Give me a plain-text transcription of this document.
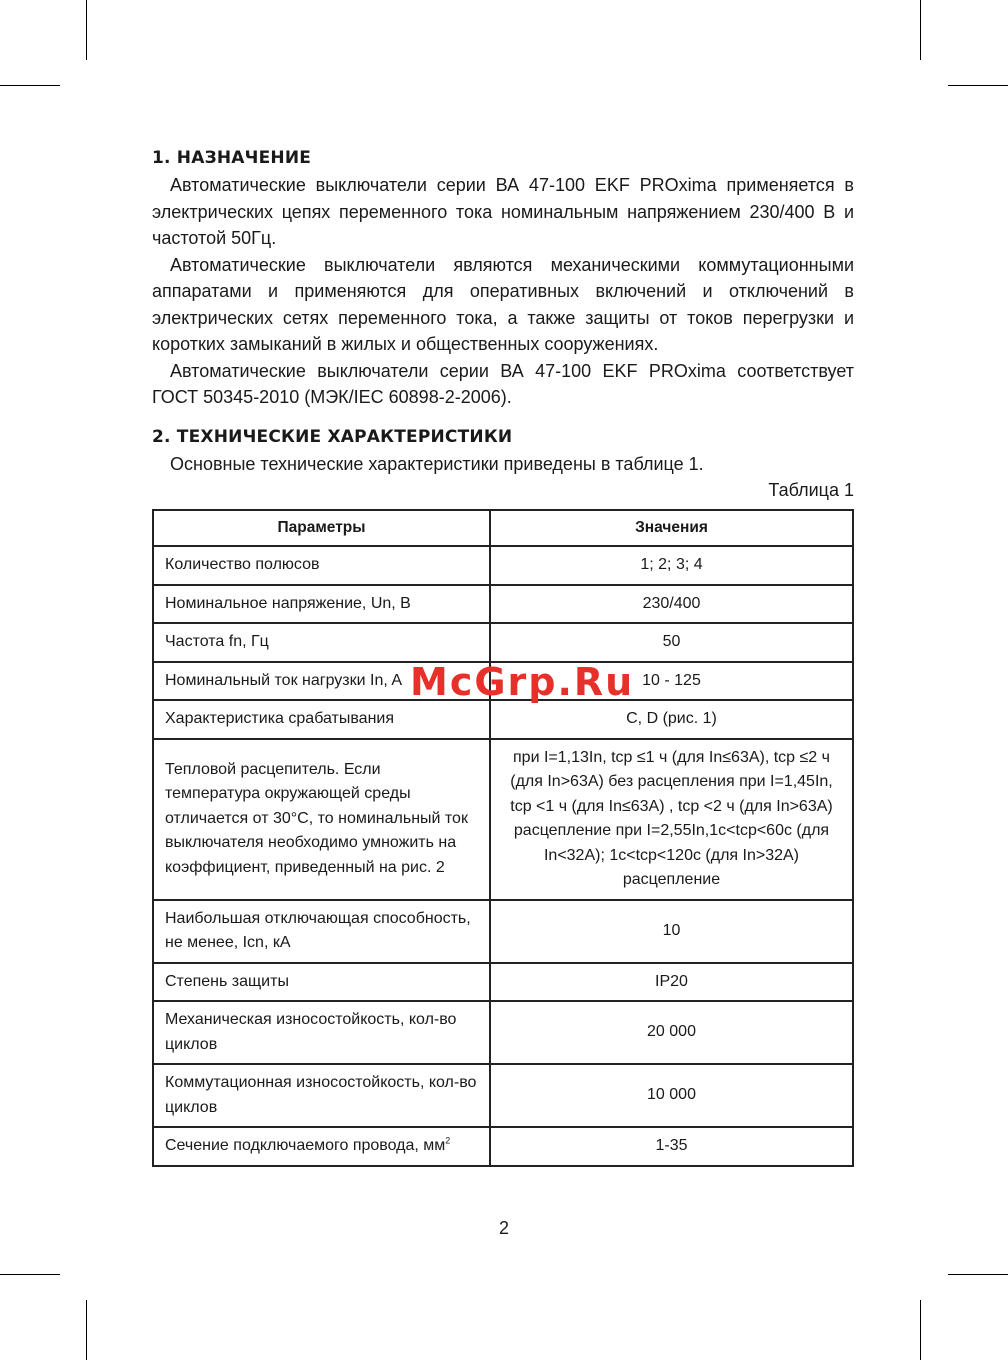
1. НАЗНАЧЕНИЕ

Автоматические выключатели серии ВА 47-100 EKF PROxima применяется в электрических цепях переменного тока номинальным напряжением 230/400 В и частотой 50Гц.

Автоматические выключатели являются механическими коммутационными аппаратами и применяются для оперативных включений и отключений в электрических сетях переменного тока, а также защиты от токов перегрузки и коротких замыканий в жилых и общественных сооружениях.

Автоматические выключатели серии ВА 47-100 EKF PROxima соответствует ГОСТ 50345-2010 (МЭК/IEC 60898-2-2006).

2. ТЕХНИЧЕСКИЕ ХАРАКТЕРИСТИКИ

Основные технические характеристики приведены в таблице 1.

Таблица 1
Параметры	Значения
Количество полюсов	1; 2; 3; 4
Номинальное напряжение, Un, В	230/400
Частота fn, Гц	50
Номинальный ток нагрузки In, A	10 - 125
Характеристика срабатывания	C, D (рис. 1)
Тепловой расцепитель. Если температура окружающей среды отличается от 30°С, то номинальный ток выключателя необходимо умножить на коэффициент, приведенный на рис. 2	при I=1,13In, tср ≤1 ч (для In≤63A), tср ≤2 ч (для In>63A) без расцепления при I=1,45In, tср <1 ч (для In≤63A) , tср <2 ч (для In>63A) расцепление при I=2,55In,1с<tср<60с (для In<32A); 1с<tср<120с (для In>32A) расцепление
Наибольшая отключающая способность, не менее, Icn, кА	10
Степень защиты	IP20
Механическая износостойкость, кол-во циклов	20 000
Коммутационная износостойкость, кол-во циклов	10 000
Сечение подключаемого провода, $мм^2$	1-35
McGrp.Ru
2
